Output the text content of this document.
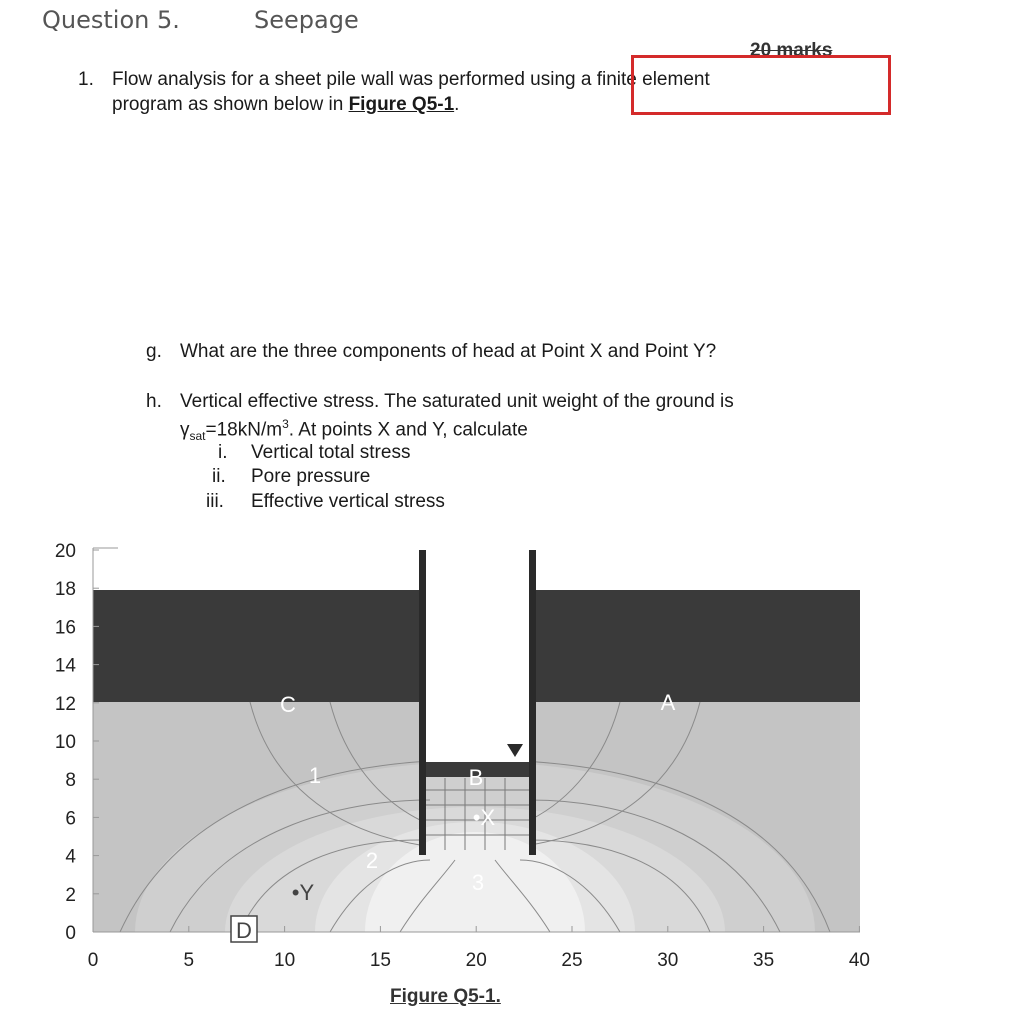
Question 5.	Seepage
20 marks
1. Flow analysis for a sheet pile wall was performed using a finite element
program as shown below in Figure Q5-1.
g. What are the three components of head at Point X and Point Y?
h. Vertical effective stress. The saturated unit weight of the ground is
$\gamma_{sat}=18kN/m^3$. At points X and Y, calculate
i. Vertical total stress
ii. Pore pressure
iii. Effective vertical stress
0	5	10	15	20	25	30	35	40
0
2
4
6
8
10
12
14
16
18
20
A
C
B
•X
•Y
1
2
3
D
Figure Q5-1.
